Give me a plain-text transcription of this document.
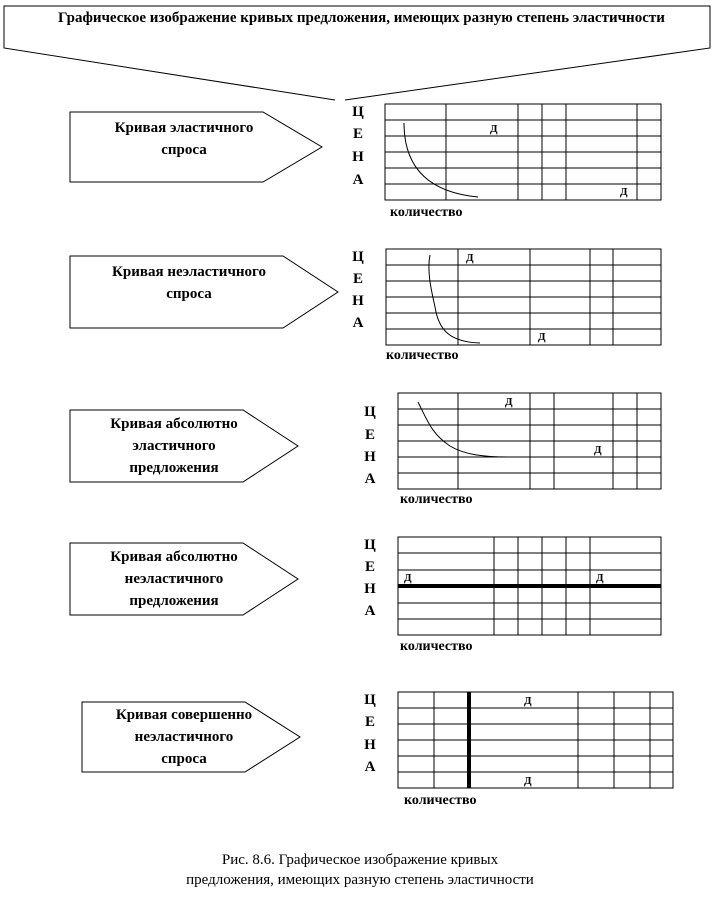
Графическое изображение кривых предложения, имеющих разную степень эластичности
Кривая эластичного
спроса
Кривая неэластичного
спроса
Кривая абсолютно
эластичного
предложения
Кривая абсолютно
неэластичного
предложения
Кривая совершенно
неэластичного
спроса
Ц
Е
Н
А
Ц
Е
Н
А
Ц
Е
Н
А
Ц
Е
Н
А
Ц
Е
Н
А
количество
количество
количество
количество
количество
Д
Д
Д
Д
Д
Д
Д	Д
Д
Д
Рис. 8.6. Графическое изображение кривых
предложения, имеющих разную степень эластичности
